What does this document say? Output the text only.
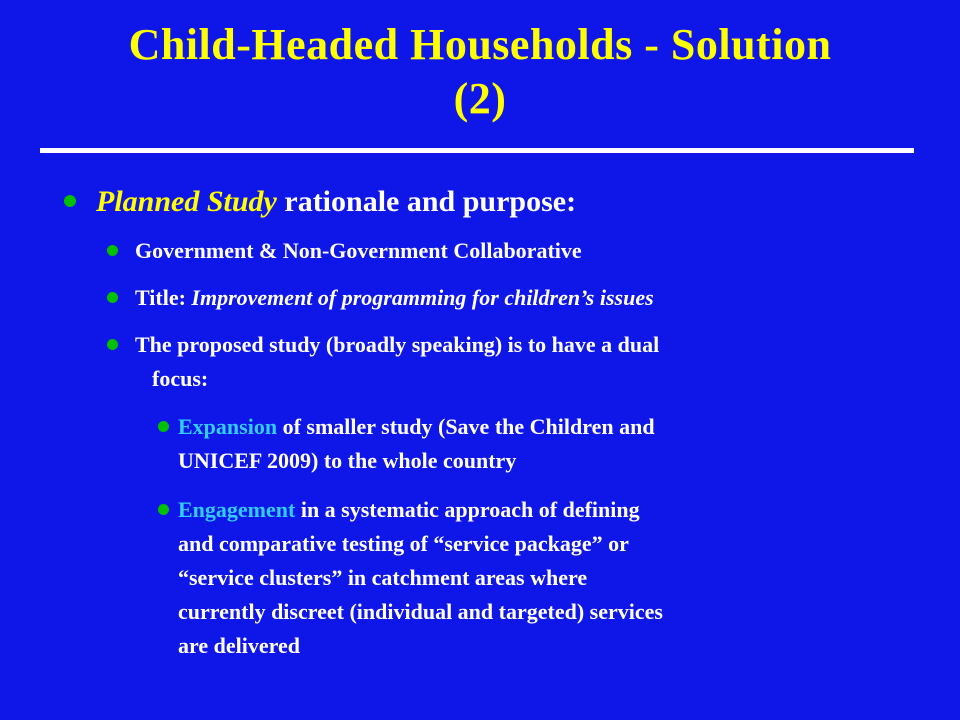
Child-Headed Households - Solution
(2)
Planned Study rationale and purpose:
Government & Non-Government Collaborative
Title: Improvement of programming for children’s issues
The proposed study (broadly speaking) is to have a dual
focus:
Expansion of smaller study (Save the Children and
UNICEF 2009) to the whole country
Engagement in a systematic approach of defining
and comparative testing of “service package” or
“service clusters” in catchment areas where
currently discreet (individual and targeted) services
are delivered
